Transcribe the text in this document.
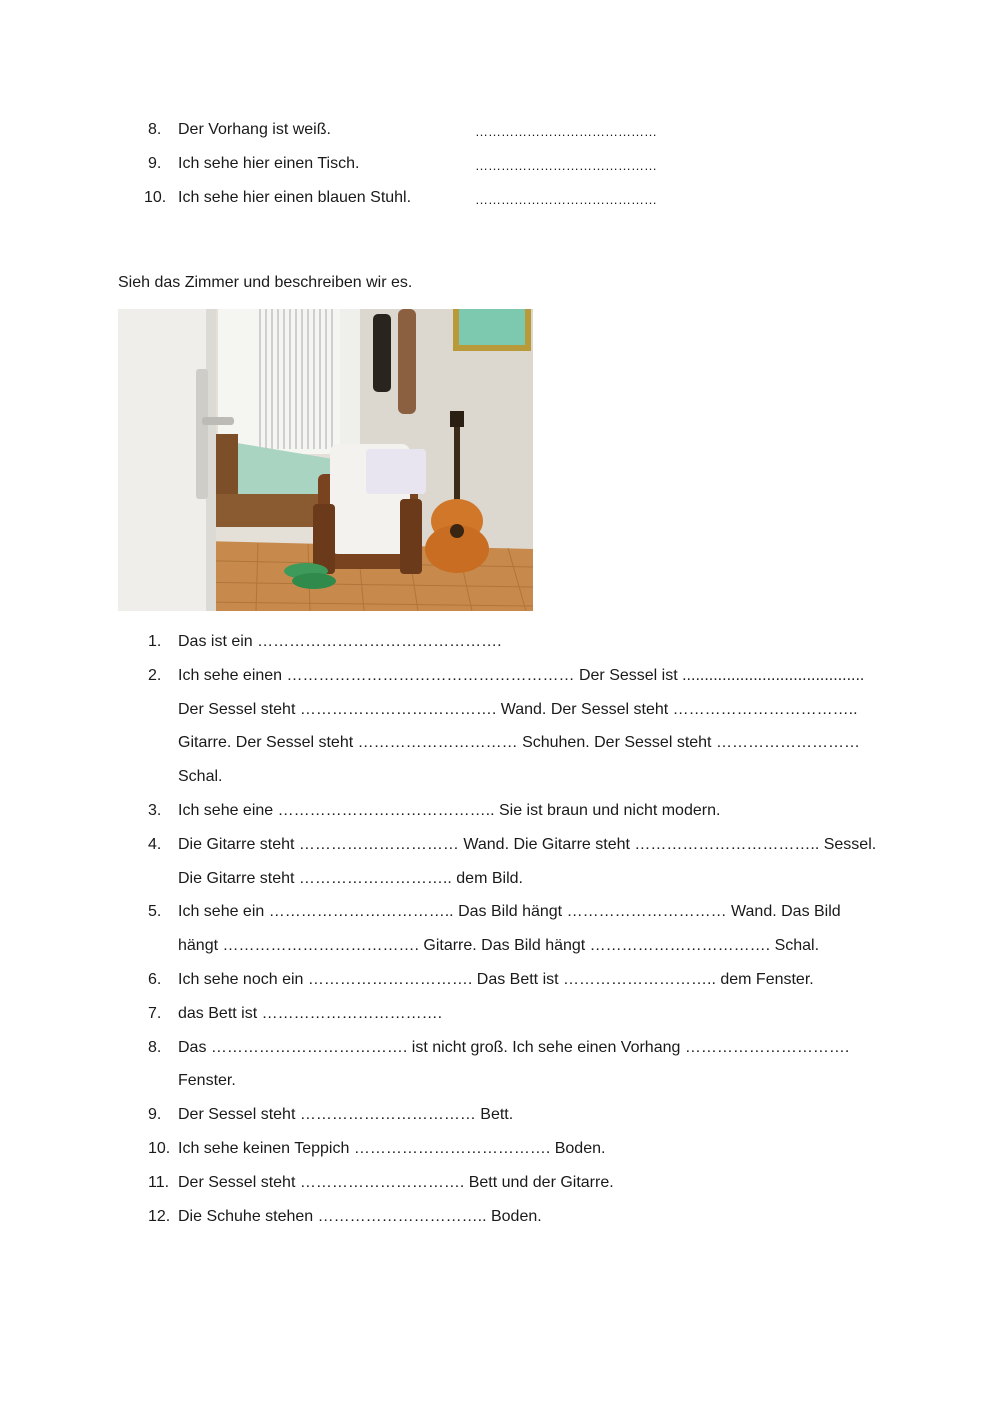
8.	Der Vorhang ist weiß.	……………………………………
9.	Ich sehe hier einen Tisch.	……………………………………
10. Ich sehe hier einen blauen Stuhl.	……………………………………
Sieh das Zimmer und beschreiben wir es.
1.	Das ist ein ……………………………………….
2.	Ich sehe einen ……………………………………………… Der Sessel ist ......................................... Der Sessel steht ………………………………. Wand. Der Sessel steht …………………………….. Gitarre. Der Sessel steht ………………………… Schuhen. Der Sessel steht ……………………… Schal.
3.	Ich sehe eine ………………………………….. Sie ist braun und nicht modern.
4.	Die Gitarre steht ………………………… Wand. Die Gitarre steht …………………………….. Sessel. Die Gitarre steht ……………………….. dem Bild.
5.	Ich sehe ein …………………………….. Das Bild hängt ………………………… Wand. Das Bild hängt ………………………………. Gitarre. Das Bild hängt ……………………………. Schal.
6.	Ich sehe noch ein …………………………. Das Bett ist ……………………….. dem Fenster.
7.	das Bett ist …………………………….
8.	Das ………………………………. ist nicht groß. Ich sehe einen Vorhang …………………………. Fenster.
9.	Der Sessel steht …………………………… Bett.
10. Ich sehe keinen Teppich ………………………………. Boden.
11. Der Sessel steht …………………………. Bett und der Gitarre.
12. Die Schuhe stehen ………………………….. Boden.
